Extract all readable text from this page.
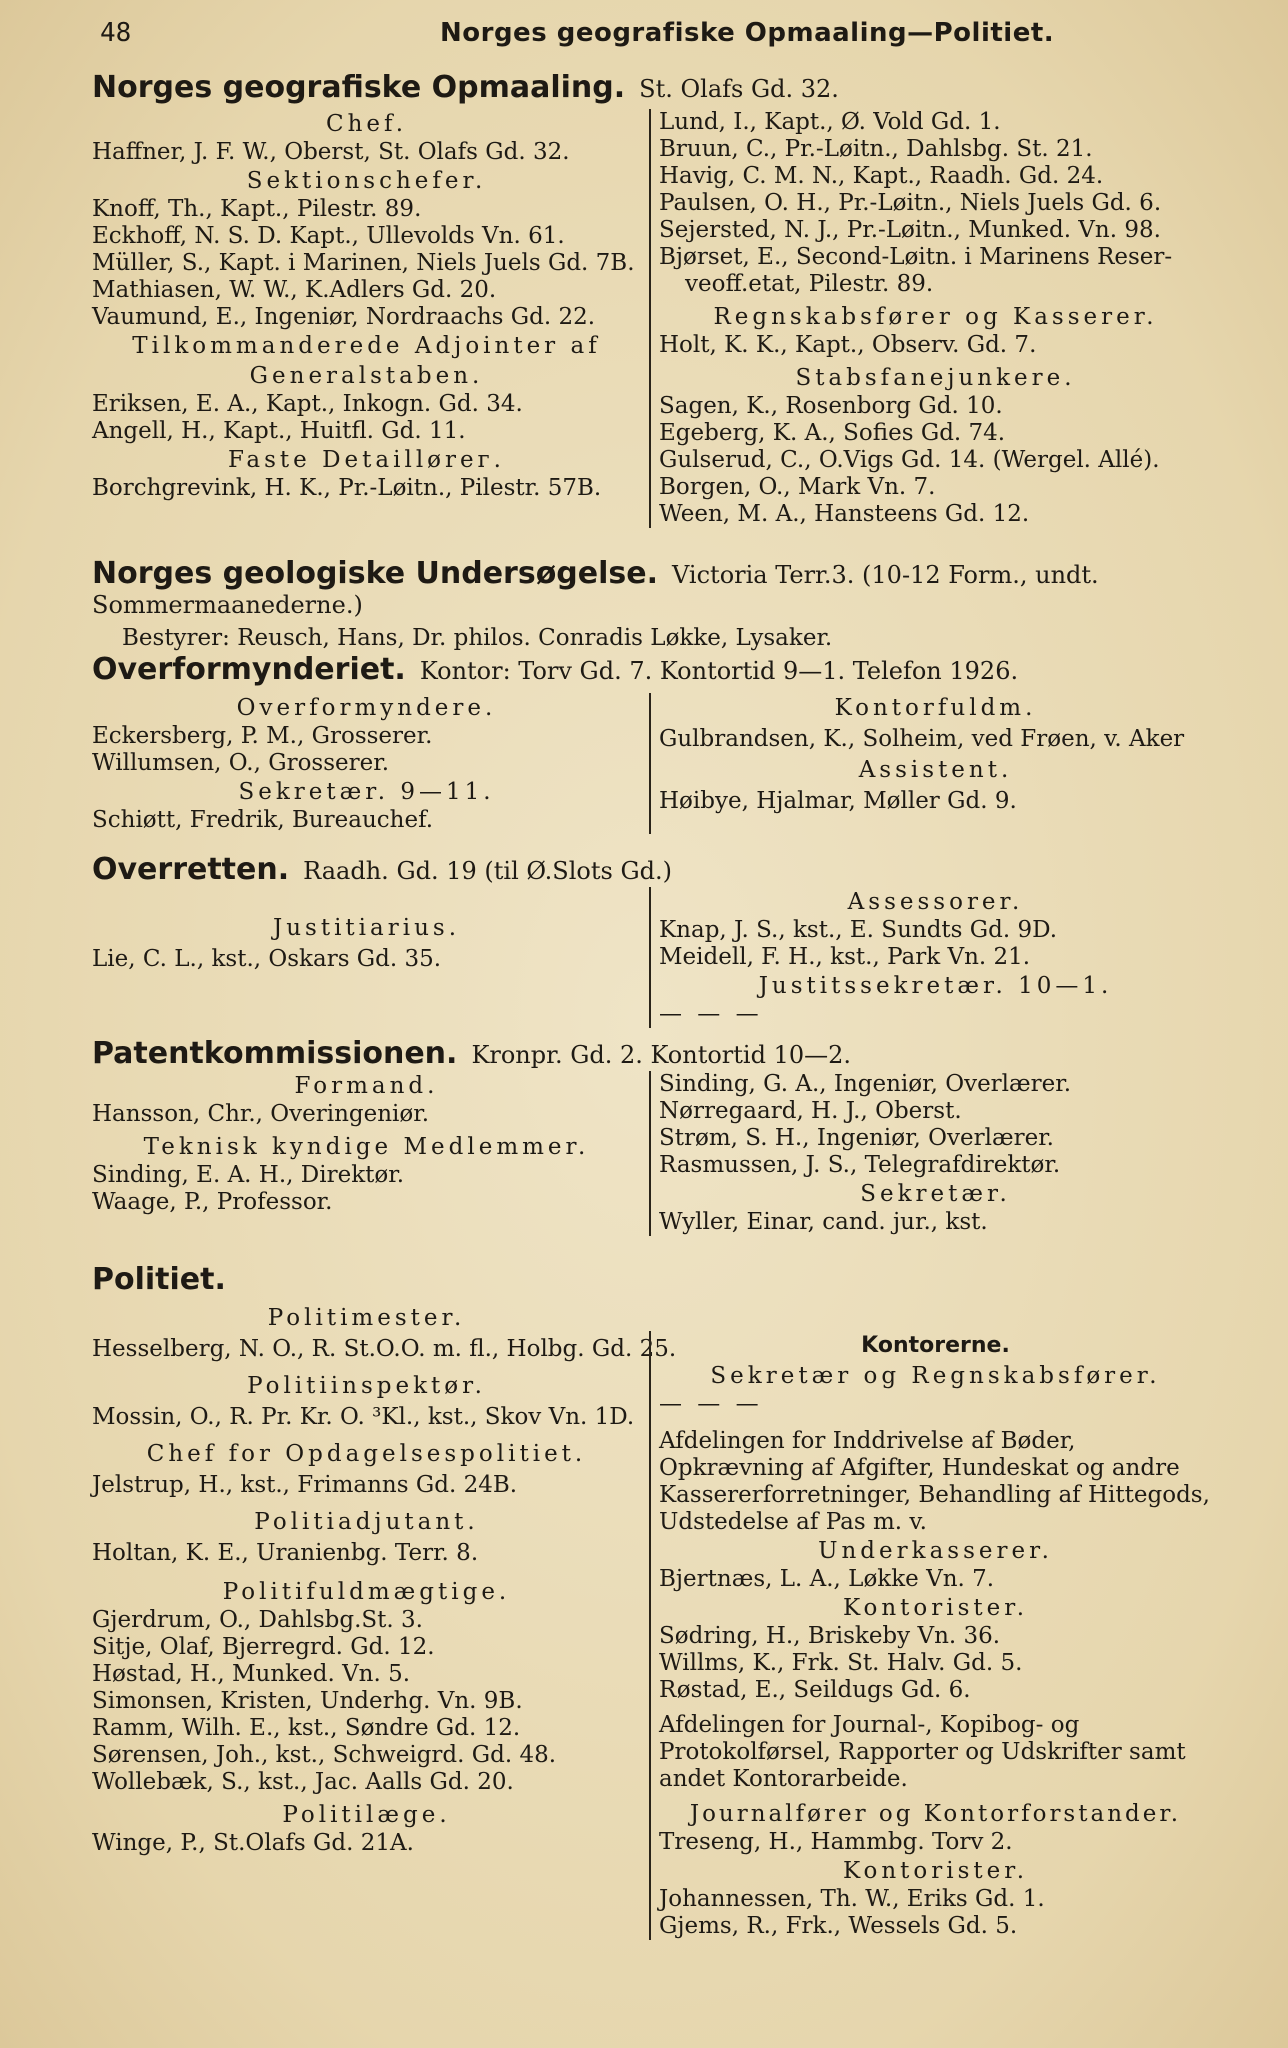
48	Norges geografiske Opmaaling—Politiet.
Norges geografiske Opmaaling. St. Olafs Gd. 32.
Chef.
Haffner, J. F. W., Oberst, St. Olafs Gd. 32.
Sektionschefer.
Knoff, Th., Kapt., Pilestr. 89.
Eckhoff, N. S. D. Kapt., Ullevolds Vn. 61.
Müller, S., Kapt. i Marinen, Niels Juels Gd. 7B.
Mathiasen, W. W., K.Adlers Gd. 20.
Vaumund, E., Ingeniør, Nordraachs Gd. 22.
Tilkommanderede Adjointer af
Generalstaben.
Eriksen, E. A., Kapt., Inkogn. Gd. 34.
Angell, H., Kapt., Huitfl. Gd. 11.
Faste Detailløreг.
Borchgrevink, H. K., Pr.-Løitn., Pilestr. 57B.
Lund, I., Kapt., Ø. Vold Gd. 1.
Bruun, C., Pr.-Løitn., Dahlsbg. St. 21.
Havig, C. M. N., Kapt., Raadh. Gd. 24.
Paulsen, O. H., Pr.-Løitn., Niels Juels Gd. 6.
Sejersted, N. J., Pr.-Løitn., Munked. Vn. 98.
Bjørset, E., Second-Løitn. i Marinens Reser-
veoff.etat, Pilestr. 89.
Regnskabsfører og Kasserer.
Holt, K. K., Kapt., Observ. Gd. 7.
Stabsfanejunkere.
Sagen, K., Rosenborg Gd. 10.
Egeberg, K. A., Sofies Gd. 74.
Gulserud, C., O.Vigs Gd. 14. (Wergel. Allé).
Borgen, O., Mark Vn. 7.
Ween, M. A., Hansteens Gd. 12.
Norges geologiske Undersøgelse. Victoria Terr.3. (10-12 Form., undt. Sommermaanederne.)
Bestyrer: Reusch, Hans, Dr. philos. Conradis Løkke, Lysaker.
Overformynderiet. Kontor: Torv Gd. 7. Kontortid 9—1. Telefon 1926.
Overformyndere.
Eckersberg, P. M., Grosserer.
Willumsen, O., Grosserer.
Sekretær. 9—11.
Schiøtt, Fredrik, Bureauchef.
Kontorfuldm.
Gulbrandsen, K., Solheim, ved Frøen, v. Aker
Assistent.
Høibye, Hjalmar, Møller Gd. 9.
Overretten. Raadh. Gd. 19 (til Ø.Slots Gd.)
Justitiarius.
Lie, C. L., kst., Oskars Gd. 35.
Assessorer.
Knap, J. S., kst., E. Sundts Gd. 9D.
Meidell, F. H., kst., Park Vn. 21.
Justitssekretær. 10—1.
— — —
Patentkommissionen. Kronpr. Gd. 2. Kontortid 10—2.
Formand.
Hansson, Chr., Overingeniør.
Teknisk kyndige Medlemmer.
Sinding, E. A. H., Direktør.
Waage, P., Professor.
Sinding, G. A., Ingeniør, Overlærer.
Nørregaard, H. J., Oberst.
Strøm, S. H., Ingeniør, Overlærer.
Rasmussen, J. S., Telegrafdirektør.
Sekretær.
Wyller, Einar, cand. jur., kst.
Politiet.
Politimester.
Hesselberg, N. O., R. St.O.O. m. fl., Holbg. Gd. 25.
Politiinspektør.
Mossin, O., R. Pr. Kr. O. ³Kl., kst., Skov Vn. 1D.
Chef for Opdagelsespolitiet.
Jelstrup, H., kst., Frimanns Gd. 24B.
Politiadjutant.
Holtan, K. E., Uranienbg. Terr. 8.
Politifuldmægtige.
Gjerdrum, O., Dahlsbg.St. 3.
Sitje, Olaf, Bjerregrd. Gd. 12.
Høstad, H., Munked. Vn. 5.
Simonsen, Kristen, Underhg. Vn. 9B.
Ramm, Wilh. E., kst., Søndre Gd. 12.
Sørensen, Joh., kst., Schweigrd. Gd. 48.
Wollebæk, S., kst., Jac. Aalls Gd. 20.
Politilæge.
Winge, P., St.Olafs Gd. 21A.
Kontorerne.
Sekretær og Regnskabsfører.
— — —
Afdelingen for Inddrivelse af Bøder, Opkrævning af Afgifter, Hundeskat og andre Kassererforretninger, Behandling af Hittegods, Udstedelse af Pas m. v.
Underkasserer.
Bjertnæs, L. A., Løkke Vn. 7.
Kontorister.
Sødring, H., Briskeby Vn. 36.
Willms, K., Frk. St. Halv. Gd. 5.
Røstad, E., Seildugs Gd. 6.
Afdelingen for Journal-, Kopibog- og Protokolførsel, Rapporter og Udskrifter samt andet Kontorarbeide.
Journalfører og Kontorforstander.
Treseng, H., Hammbg. Torv 2.
Kontorister.
Johannessen, Th. W., Eriks Gd. 1.
Gjems, R., Frk., Wessels Gd. 5.
